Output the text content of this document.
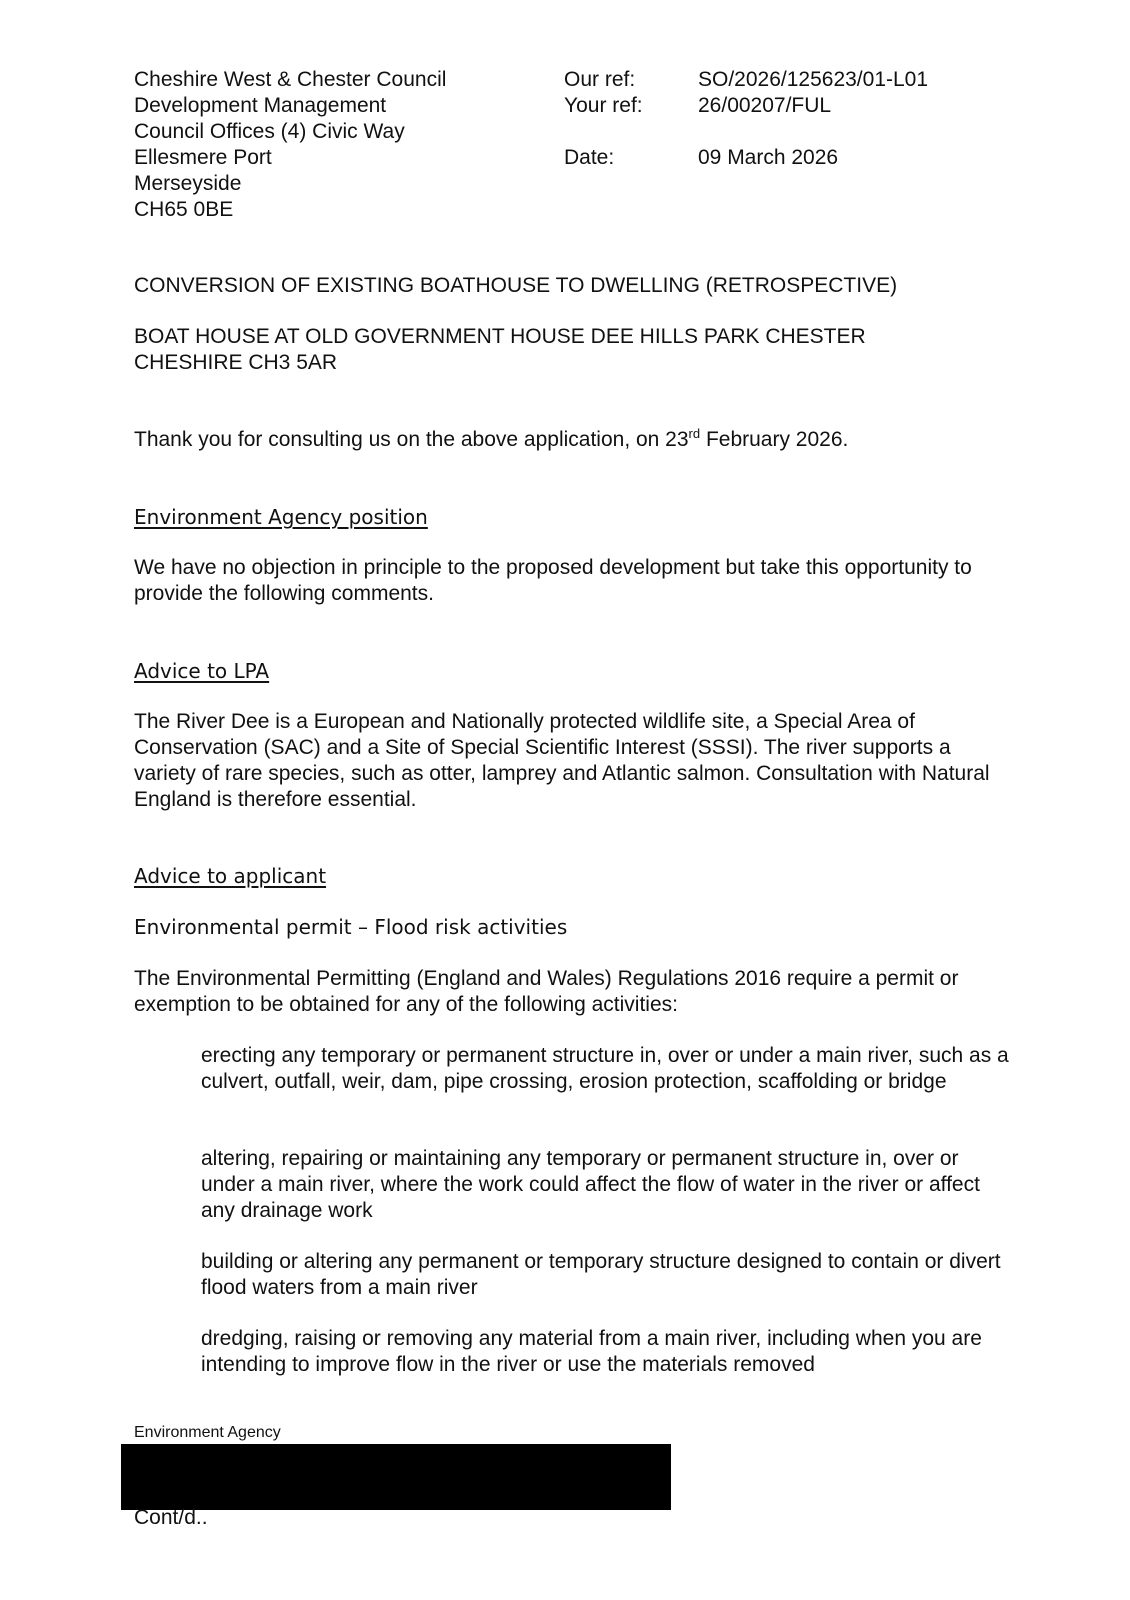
Cheshire West & Chester Council
Development Management
Council Offices (4) Civic Way
Ellesmere Port
Merseyside
CH65 0BE
Our ref:	SO/2026/125623/01-L01
Your ref:	26/00207/FUL
Date:	09 March 2026
CONVERSION OF EXISTING BOATHOUSE TO DWELLING (RETROSPECTIVE)
BOAT HOUSE AT OLD GOVERNMENT HOUSE DEE HILLS PARK CHESTER
CHESHIRE CH3 5AR
Thank you for consulting us on the above application, on 23rd February 2026.
Environment Agency position
We have no objection in principle to the proposed development but take this opportunity to provide the following comments.
Advice to LPA
The River Dee is a European and Nationally protected wildlife site, a Special Area of Conservation (SAC) and a Site of Special Scientific Interest (SSSI). The river supports a variety of rare species, such as otter, lamprey and Atlantic salmon. Consultation with Natural England is therefore essential.
Advice to applicant
Environmental permit – Flood risk activities
The Environmental Permitting (England and Wales) Regulations 2016 require a permit or exemption to be obtained for any of the following activities:
erecting any temporary or permanent structure in, over or under a main river, such as a culvert, outfall, weir, dam, pipe crossing, erosion protection, scaffolding or bridge
altering, repairing or maintaining any temporary or permanent structure in, over or under a main river, where the work could affect the flow of water in the river or affect any drainage work
building or altering any permanent or temporary structure designed to contain or divert flood waters from a main river
dredging, raising or removing any material from a main river, including when you are intending to improve flow in the river or use the materials removed
Environment Agency
Cont/d..
